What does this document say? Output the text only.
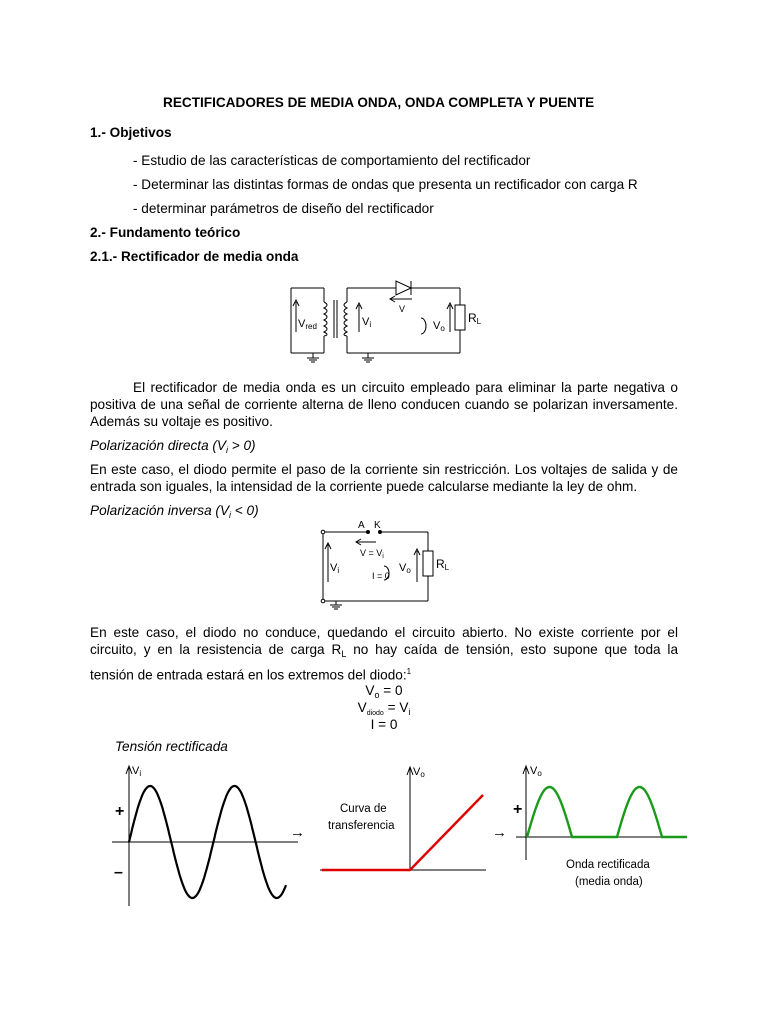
RECTIFICADORES DE MEDIA ONDA, ONDA COMPLETA Y PUENTE
1.- Objetivos
- Estudio de las características de comportamiento del rectificador
- Determinar las distintas formas de ondas que presenta un rectificador con carga R
- determinar parámetros de diseño del rectificador
2.- Fundamento teórico
2.1.- Rectificador de media onda
Vred	Vi
V
Vo
RL
El rectificador de media onda es un circuito empleado para eliminar la parte negativa o
positiva de una señal de corriente alterna de lleno conducen cuando se polarizan inversamente.
Además su voltaje es positivo.
Polarización directa $(V_i > 0)$
En este caso, el diodo permite el paso de la corriente sin restricción. Los voltajes de salida y de
entrada son iguales, la intensidad de la corriente puede calcularse mediante la ley de ohm.
Polarización inversa $(V_i < 0)$
A K
$V = V_i$
Vi
I = 0
Vo RL
En este caso, el diodo no conduce, quedando el circuito abierto. No existe corriente por el
circuito, y en la resistencia de carga $R_L$ no hay caída de tensión, esto supone que toda la
tensión de entrada estará en los extremos del diodo:$^1$
$V_o = 0$
$V_{diodo} = V_i$
I = 0
Tensión rectificada
Vi
+
–
→
Vo
Curva de
transferencia	→
Vo
+
Onda rectificada
(media onda)
